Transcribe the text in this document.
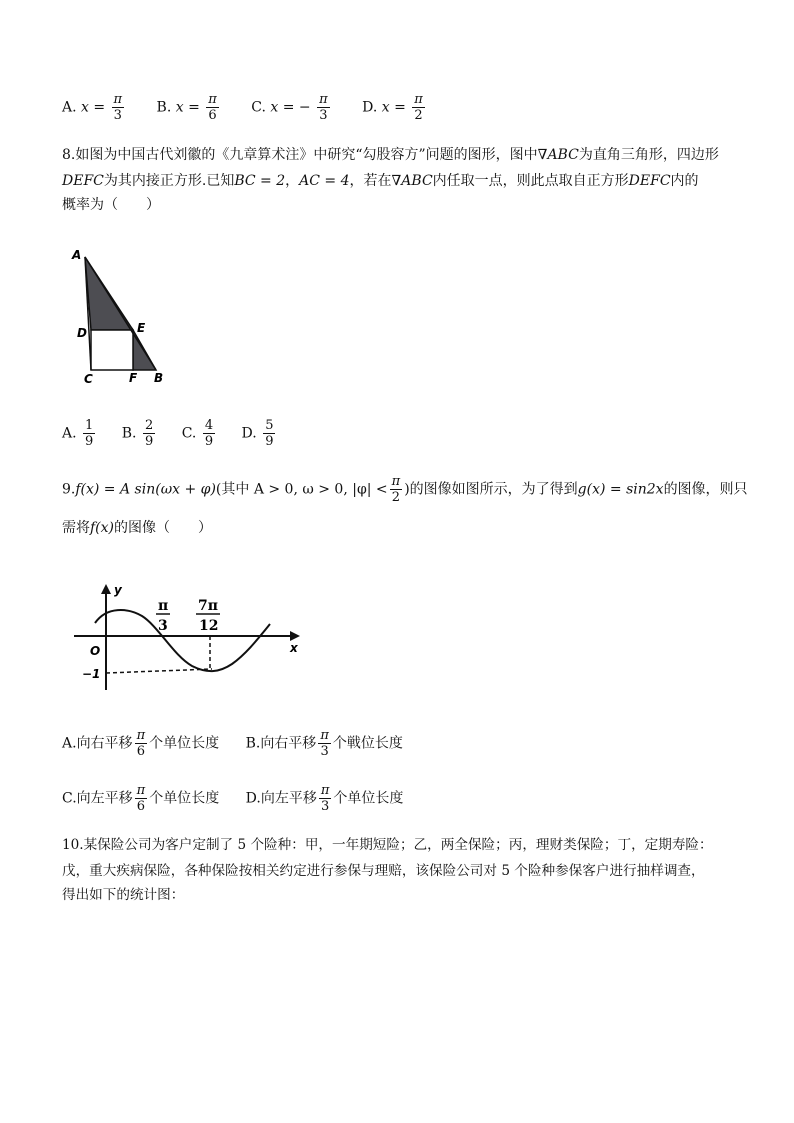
A. $x = \frac{\pi}{3} B$. $x = \frac{\pi}{6} C$. x = − $\frac{\pi}{3} D$. $x = \frac{\pi}{2}$
8.如图为中国古代刘徽的《九章算术注》中研究“勾股容方”问题的图形，图中∇ABC为直角三角形，四边形
DEFC为其内接正方形.已知BC = 2，AC = 4，若在∇ABC内任取一点，则此点取自正方形DEFC内的
概率为（　　）
A
D	E
C	F B
A. $\frac{1}{9} B$. $\frac{2}{9} C$. $\frac{4}{9} D$. $\frac{5}{9}$
9.f(x) = A sin(ωx + φ)(其中 A > 0, ω > 0, $|\varphi| < \frac{\pi}{2}$ )的图像如图所示，为了得到g(x) = sin2x的图像，则只
需将f(x)的图像（　　）
y
x
O
−1
π
3
7π
12
A.向右平移 $\frac{\pi}{6}$ 个单位长度 B.向右平移 $\frac{\pi}{3}$ 个戦位长度
C.向左平移 $\frac{\pi}{6}$ 个单位长度 D.向左平移 $\frac{\pi}{3}$ 个单位长度
10.某保险公司为客户定制了 5 个险种：甲，一年期短险；乙，两全保险；丙，理财类保险；丁，定期寿险：
戊，重大疾病保险，各种保险按相关约定进行参保与理赔，该保险公司对 5 个险种参保客户进行抽样调查，
得出如下的统计图：
